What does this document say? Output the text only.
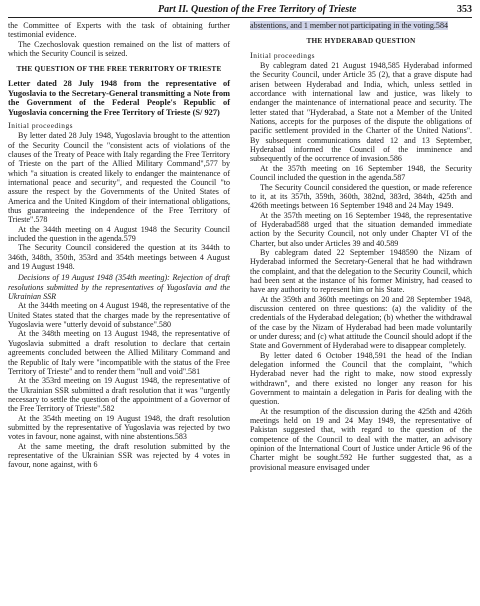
Part II. Question of the Free Territory of Trieste	353

the Committee of Experts with the task of obtaining further testimonial evidence.

The Czechoslovak question remained on the list of matters of which the Security Council is seized.

THE QUESTION OF THE FREE TERRITORY OF TRIESTE

Letter dated 28 July 1948 from the representative of Yugoslavia to the Secretary-General transmitting a Note from the Government of the Federal People's Republic of Yugoslavia concerning the Free Territory of Trieste (S/ 927)

Initial proceedings

By letter dated 28 July 1948, Yugoslavia brought to the attention of the Security Council the "consistent acts of violations of the clauses of the Treaty of Peace with Italy regarding the Free Territory of Trieste on the part of the Allied Military Command",577 by which "a situation is created likely to endanger the maintenance of international peace and security", and requested the Council "to assure the respect by the Governments of the United States of America and the United Kingdom of their international obligations, thus guaranteeing the independence of the Free Territory of Trieste".578

At the 344th meeting on 4 August 1948 the Security Council included the question in the agenda.579

The Security Council considered the question at its 344th to 346th, 348th, 350th, 353rd and 354th meetings between 4 August and 19 August 1948.

Decisions of 19 August 1948 (354th meeting): Rejection of draft resolutions submitted by the representatives of Yugoslavia and the Ukrainian SSR

At the 344th meeting on 4 August 1948, the representative of the United States stated that the charges made by the representative of Yugoslavia were "utterly devoid of substance".580

At the 348th meeting on 13 August 1948, the representative of Yugoslavia submitted a draft resolution to declare that certain agreements concluded between the Allied Military Command and the Republic of Italy were "incompatible with the status of the Free Territory of Trieste" and to render them "null and void".581

At the 353rd meeting on 19 August 1948, the representative of the Ukrainian SSR submitted a draft resolution that it was "urgently necessary to settle the question of the appointment of a Governor of the Free Territory of Trieste".582

At the 354th meeting on 19 August 1948, the draft resolution submitted by the representative of Yugoslavia was rejected by two votes in favour, none against, with nine abstentions.583

At the same meeting, the draft resolution submitted by the representative of the Ukrainian SSR was rejected by 4 votes in favour, none against, with 6

abstentions, and 1 member not participating in the voting.584

THE HYDERABAD QUESTION
Initial proceedings

By cablegram dated 21 August 1948,585 Hyderabad informed the Security Council, under Article 35 (2), that a grave dispute had arisen between Hyderabad and India, which, unless settled in accordance with international law and justice, was likely to endanger the maintenance of international peace and security. The letter stated that "Hyderabad, a State not a Member of the United Nations, accepts for the purposes of the dispute the obligations of pacific settlement provided in the Charter of the United Nations". By subsequent communications dated 12 and 13 September, Hyderabad informed the Council of the imminence and subsequently of the occurrence of invasion.586

At the 357th meeting on 16 September 1948, the Security Council included the question in the agenda.587

The Security Council considered the question, or made reference to it, at its 357th, 359th, 360th, 382nd, 383rd, 384th, 425th and 426th meetings between 16 September 1948 and 24 May 1949.

At the 357th meeting on 16 September 1948, the representative of Hyderabad588 urged that the situation demanded immediate action by the Security Council, not only under Chapter VI of the Charter, but also under Articles 39 and 40.589

By cablegram dated 22 September 1948590 the Nizam of Hyderabad informed the Secretary-General that he had withdrawn the complaint, and that the delegation to the Security Council, which had been sent at the instance of his former Ministry, had ceased to have any authority to represent him or his State.

At the 359th and 360th meetings on 20 and 28 September 1948, discussion centered on three questions: (a) the validity of the credentials of the Hyderabad delegation; (b) whether the withdrawal of the case by the Nizam of Hyderabad had been made voluntarily or under duress; and (c) what attitude the Council should adopt if the State and Government of Hyderabad were to disappear completely.

By letter dated 6 October 1948,591 the head of the Indian delegation informed the Council that the complaint, "which Hyderabad never had the right to make, now stood expressly withdrawn", and there existed no longer any reason for his Government to maintain a delegation in Paris for dealing with the question.

At the resumption of the discussion during the 425th and 426th meetings held on 19 and 24 May 1949, the representative of Pakistan suggested that, with regard to the question of the competence of the Council to deal with the matter, an advisory opinion of the International Court of Justice under Article 96 of the Charter might be sought.592 He further suggested that, as a provisional measure envisaged under
